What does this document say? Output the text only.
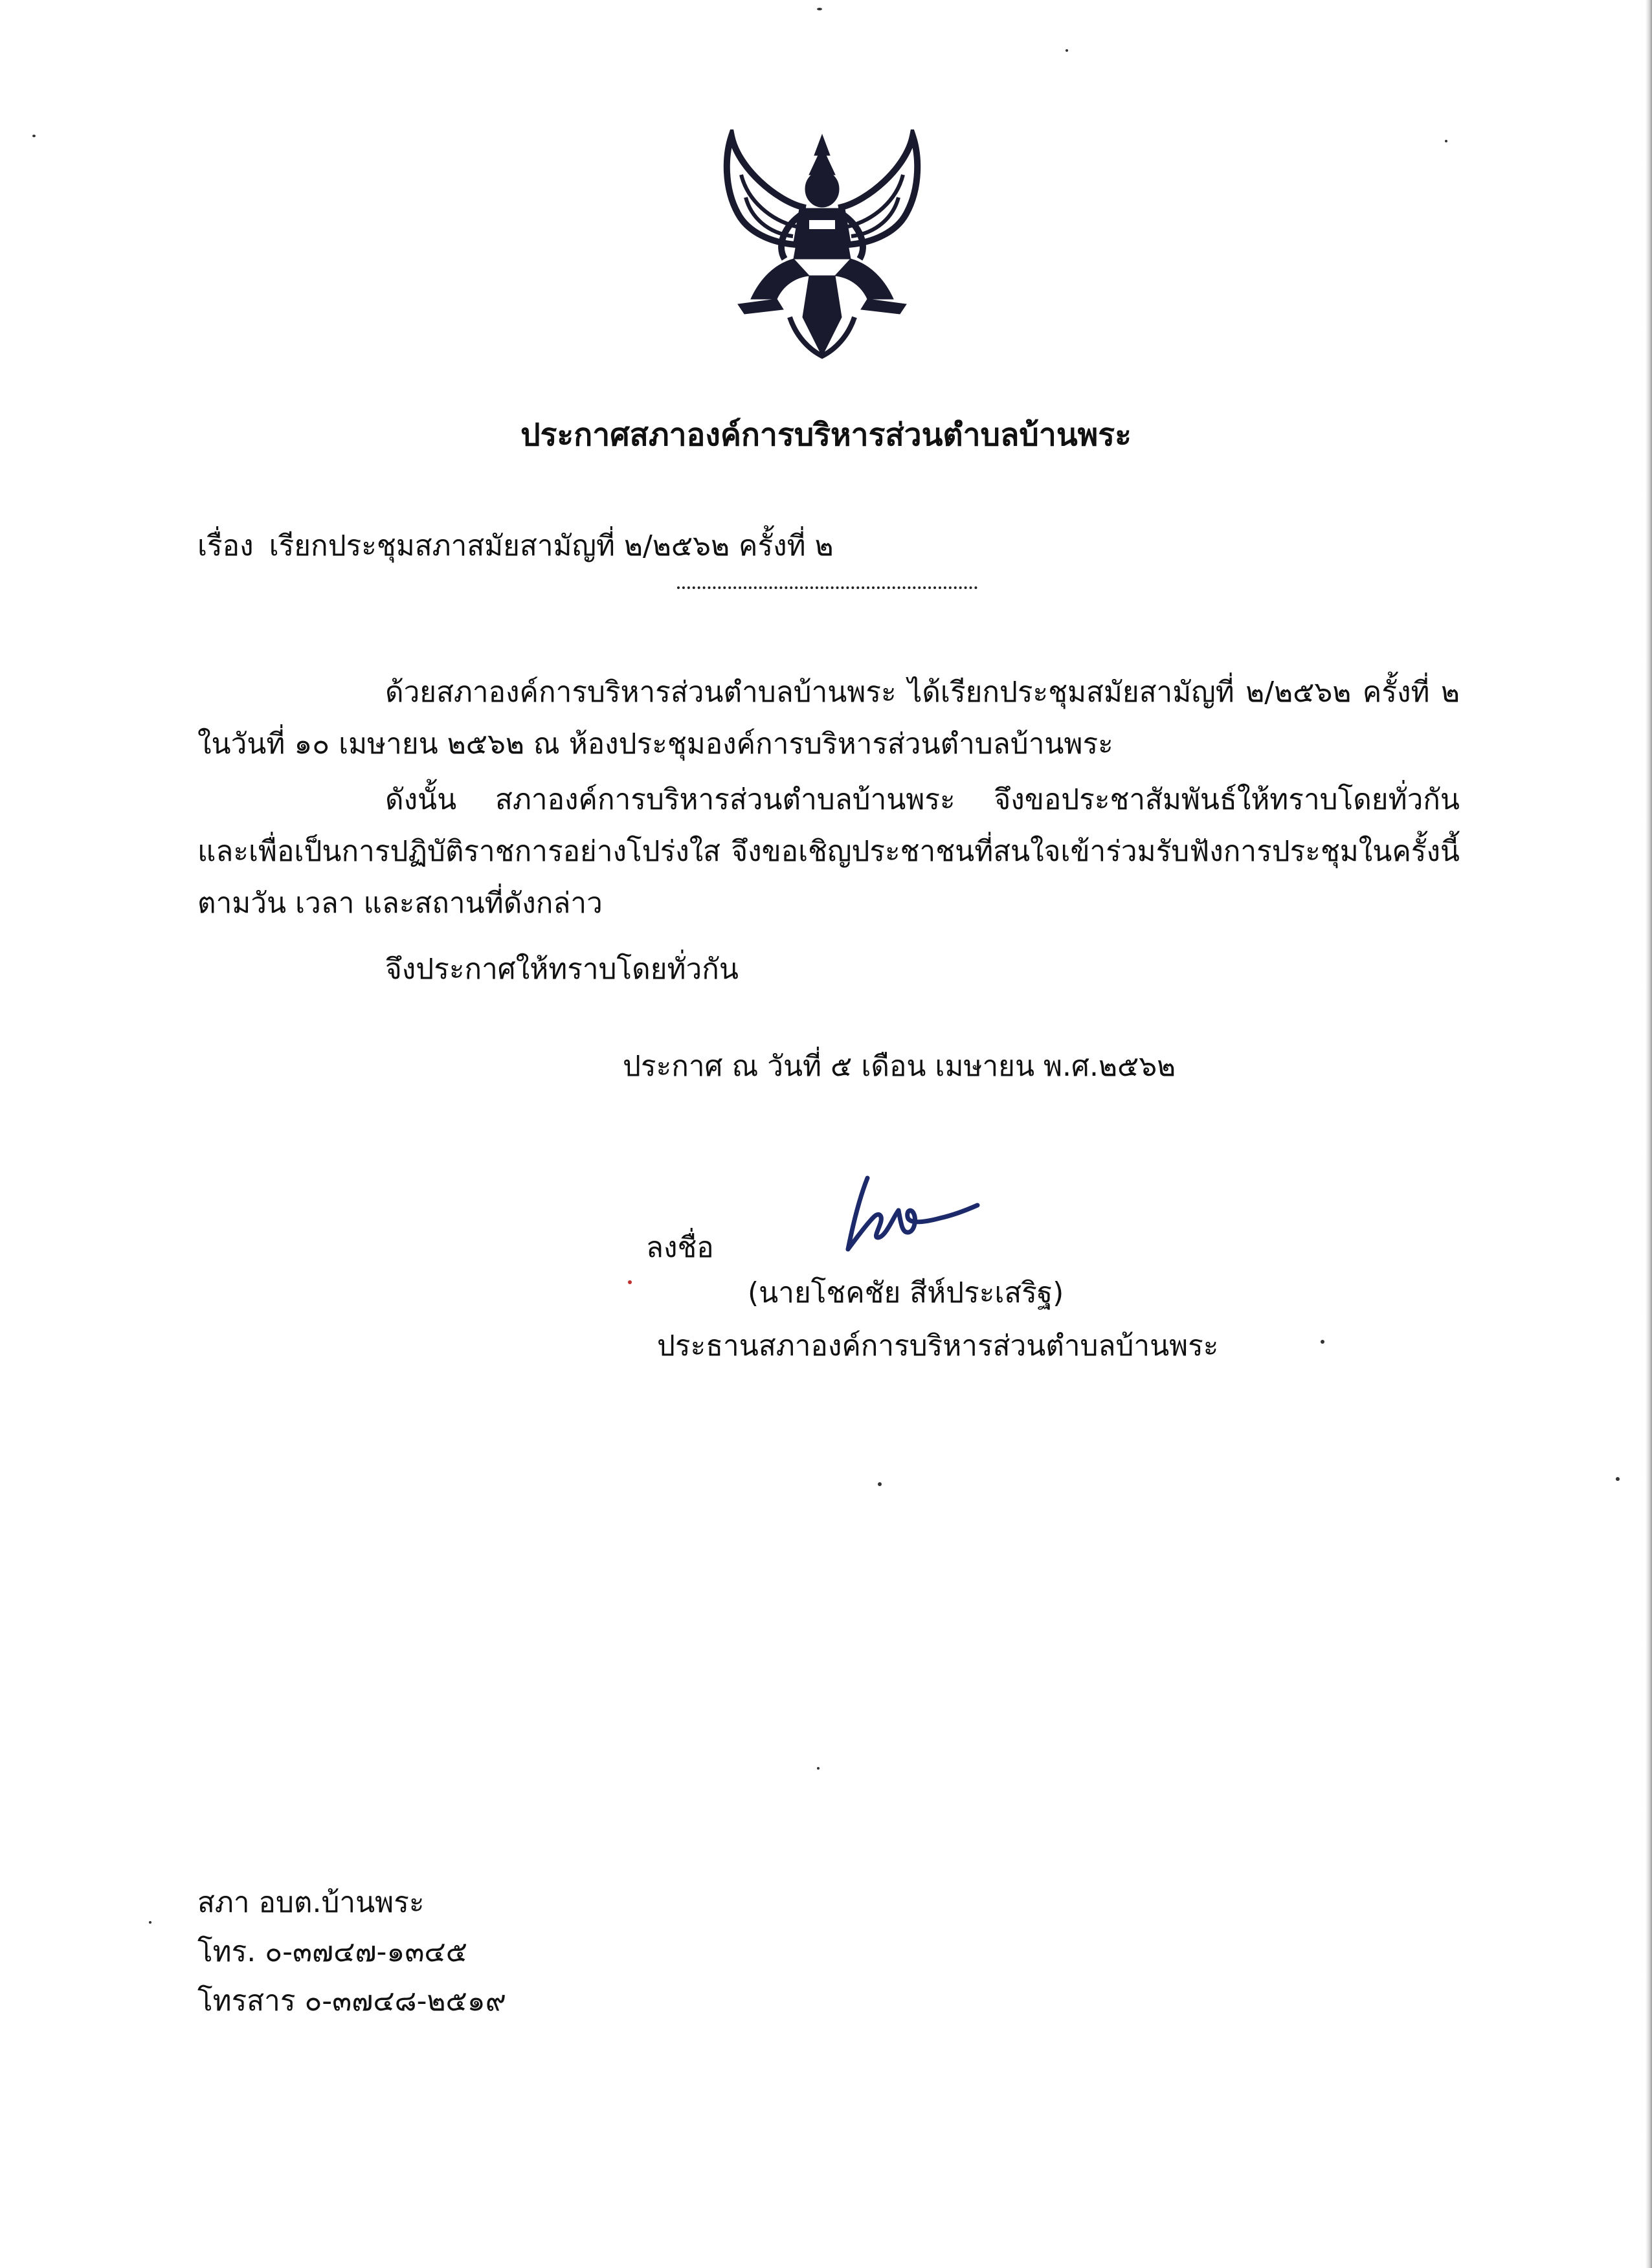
ประกาศสภาองค์การบริหารส่วนตำบลบ้านพระ
เรื่อง เรียกประชุมสภาสมัยสามัญที่ ๒/๒๕๖๒ ครั้งที่ ๒
ด้วยสภาองค์การบริหารส่วนตำบลบ้านพระ ได้เรียกประชุมสมัยสามัญที่ ๒/๒๕๖๒ ครั้งที่ ๒ ในวันที่ ๑๐ เมษายน ๒๕๖๒ ณ ห้องประชุมองค์การบริหารส่วนตำบลบ้านพระ
ดังนั้น สภาองค์การบริหารส่วนตำบลบ้านพระ จึงขอประชาสัมพันธ์ให้ทราบโดยทั่วกัน และเพื่อเป็นการปฏิบัติราชการอย่างโปร่งใส จึงขอเชิญประชาชนที่สนใจเข้าร่วมรับฟังการประชุมในครั้งนี้ ตามวัน เวลา และสถานที่ดังกล่าว
จึงประกาศให้ทราบโดยทั่วกัน
ประกาศ ณ วันที่ ๕ เดือน เมษายน พ.ศ.๒๕๖๒
ลงชื่อ
(นายโชคชัย สีห์ประเสริฐ)
ประธานสภาองค์การบริหารส่วนตำบลบ้านพระ
สภา อบต.บ้านพระ
โทร. ๐-๓๗๔๗-๑๓๔๕
โทรสาร ๐-๓๗๔๘-๒๕๑๙
